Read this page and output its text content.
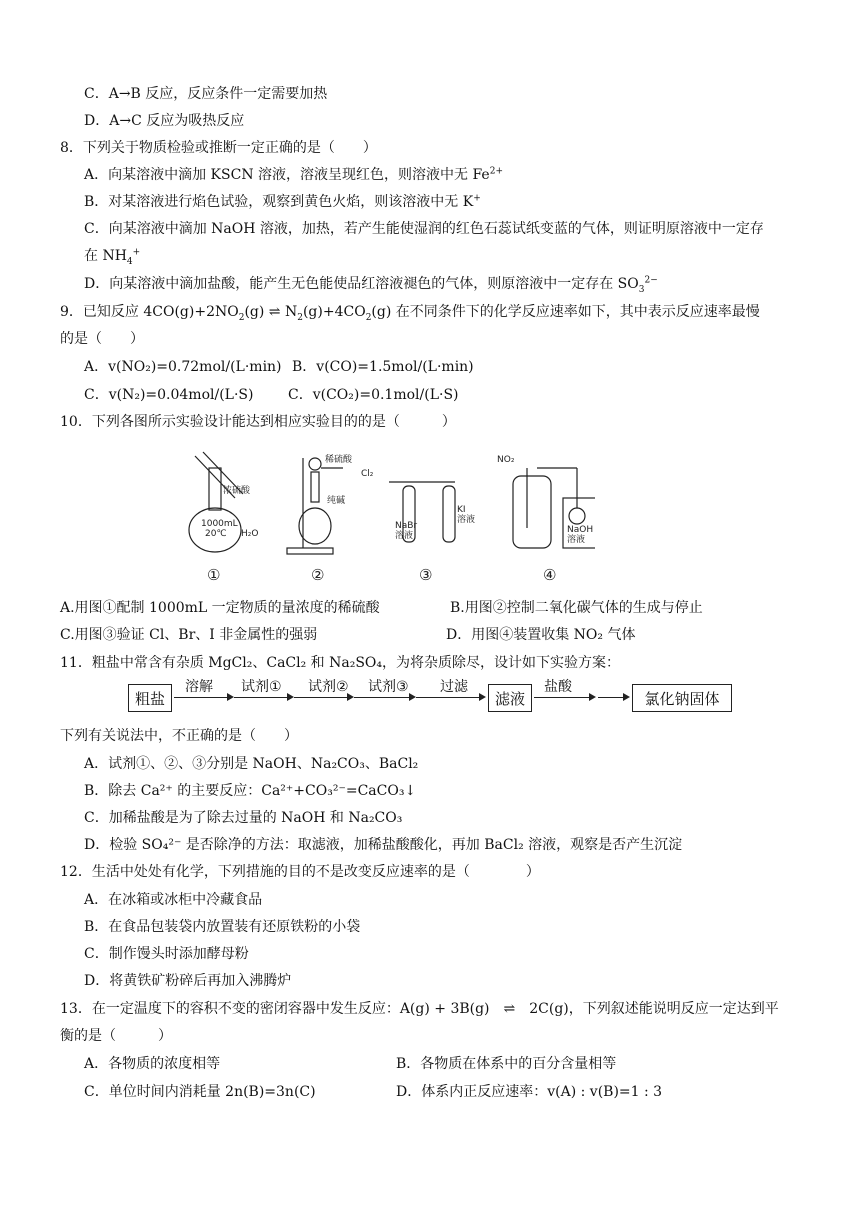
C．A→B 反应，反应条件一定需要加热
D．A→C 反应为吸热反应
8．下列关于物质检验或推断一定正确的是（　　）
A．向某溶液中滴加 KSCN 溶液，溶液呈现红色，则溶液中无 $Fe^{2+}$
B．对某溶液进行焰色试验，观察到黄色火焰，则该溶液中无 K+
C．向某溶液中滴加 NaOH 溶液，加热，若产生能使湿润的红色石蕊试纸变蓝的气体，则证明原溶液中一定存
在 $NH_4^+$
D．向某溶液中滴加盐酸，能产生无色能使品红溶液褪色的气体，则原溶液中一定存在 $SO_3^{2-}$
9．已知反应 $4CO(g)+2NO_2(g)$ ⇌ $N_2(g)+4CO_2(g)$ 在不同条件下的化学反应速率如下，其中表示反应速率最慢
的是（　　）
A．v(NO₂)=0.72mol/(L·min) B．v(CO)=1.5mol/(L·min)
C．v(N₂)=0.04mol/(L·S) C．v(CO₂)=0.1mol/(L·S)
10．下列各图所示实验设计能达到相应实验目的的是（　　　）
浓硫酸
1000mL
20℃ H₂O
稀硫酸
纯碱
Cl₂
NaBr
溶液
KI
溶液
NO₂
NaOH
溶液
①	②	③	④
A.用图①配制 1000mL 一定物质的量浓度的稀硫酸	B.用图②控制二氧化碳气体的生成与停止
C.用图③验证 Cl、Br、I 非金属性的强弱	D．用图④装置收集 NO₂ 气体
11．粗盐中常含有杂质 MgCl₂、CaCl₂ 和 Na₂SO₄，为将杂质除尽，设计如下实验方案：
粗盐
溶解 试剂① 试剂② 试剂③ 过滤
滤液
盐酸
氯化钠固体
下列有关说法中，不正确的是（　　）
A．试剂①、②、③分别是 NaOH、Na₂CO₃、BaCl₂
B．除去 Ca²⁺ 的主要反应：Ca²⁺+CO₃²⁻=CaCO₃↓
C．加稀盐酸是为了除去过量的 NaOH 和 Na₂CO₃
D．检验 SO₄²⁻ 是否除净的方法：取滤液，加稀盐酸酸化，再加 BaCl₂ 溶液，观察是否产生沉淀
12．生活中处处有化学，下列措施的目的不是改变反应速率的是（　　　　）
A．在冰箱或冰柜中冷藏食品
B．在食品包装袋内放置装有还原铁粉的小袋
C．制作馒头时添加酵母粉
D．将黄铁矿粉碎后再加入沸腾炉
13．在一定温度下的容积不变的密闭容器中发生反应：A(g) + 3B(g)　⇌　2C(g)，下列叙述能说明反应一定达到平
衡的是（　　　）
A．各物质的浓度相等	B．各物质在体系中的百分含量相等
C．单位时间内消耗量 2n(B)=3n(C)	D．体系内正反应速率：v(A) : v(B)=1 : 3
